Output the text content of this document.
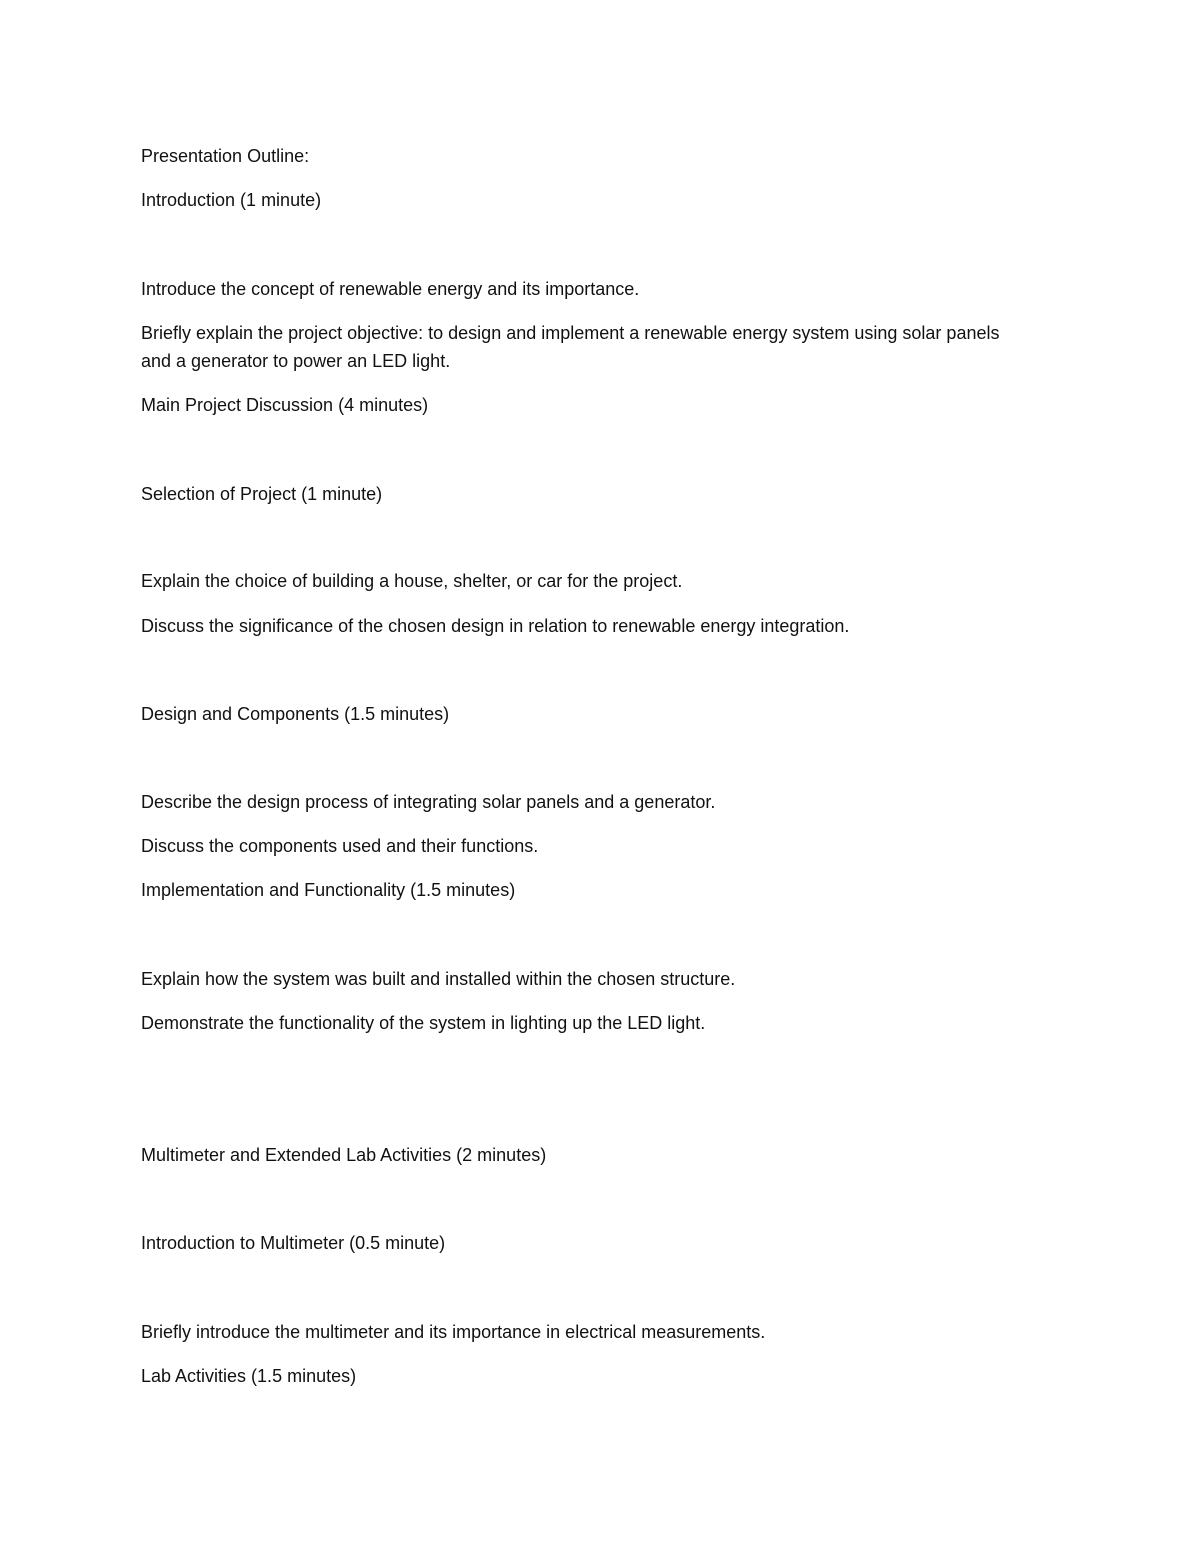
Presentation Outline:

Introduction (1 minute)

Introduce the concept of renewable energy and its importance.

Briefly explain the project objective: to design and implement a renewable energy system using solar panels and a generator to power an LED light.

Main Project Discussion (4 minutes)

Selection of Project (1 minute)

Explain the choice of building a house, shelter, or car for the project.

Discuss the significance of the chosen design in relation to renewable energy integration.

Design and Components (1.5 minutes)

Describe the design process of integrating solar panels and a generator.

Discuss the components used and their functions.

Implementation and Functionality (1.5 minutes)

Explain how the system was built and installed within the chosen structure.

Demonstrate the functionality of the system in lighting up the LED light.

Multimeter and Extended Lab Activities (2 minutes)

Introduction to Multimeter (0.5 minute)

Briefly introduce the multimeter and its importance in electrical measurements.

Lab Activities (1.5 minutes)
